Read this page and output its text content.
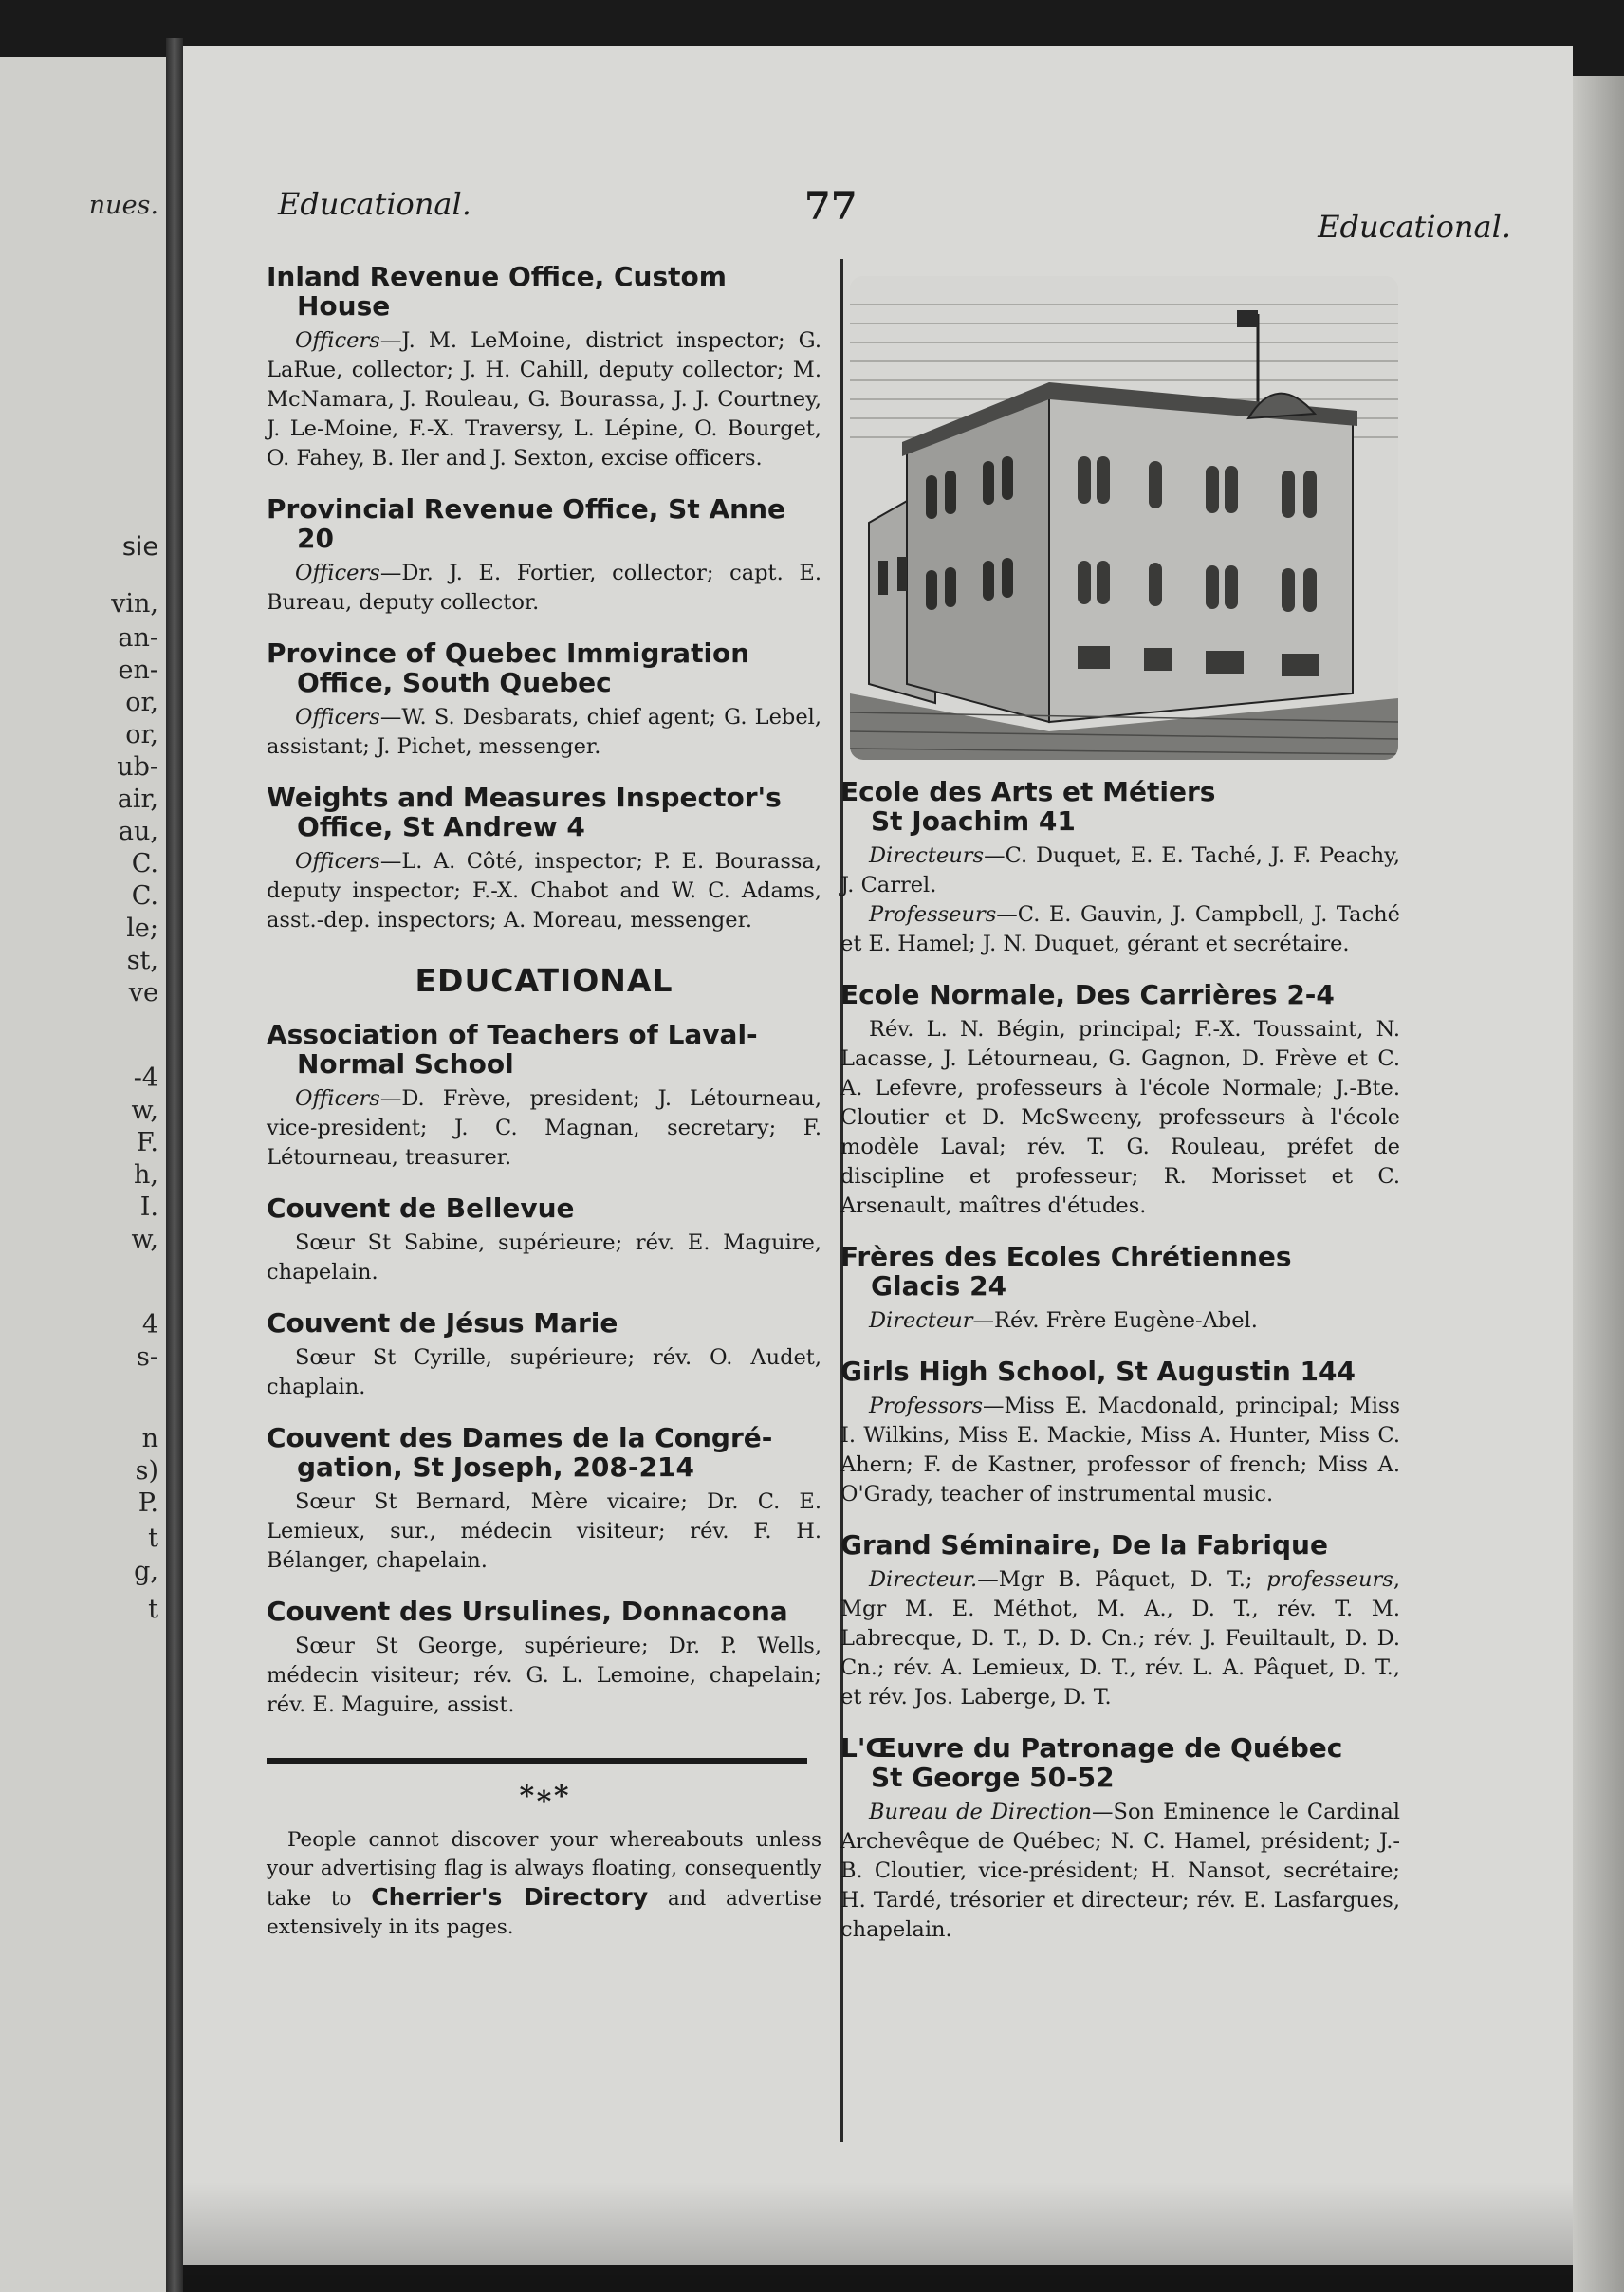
nues.
sie
vin,
an-
en-
or,
or,
ub-
air,
au,
C.
C.
le;
st,
ve
-4
w,
F.
h,
I.
w,
4
s-
n
s)
P.
t
g,
t
Educational.	77	Educational.
Inland Revenue Office, Custom
House
Officers—J. M. LeMoine, district inspector; G. LaRue, collector; J. H. Cahill, deputy collector; M. McNamara, J. Rouleau, G. Bourassa, J. J. Courtney, J. Le-Moine, F.-X. Traversy, L. Lépine, O. Bourget, O. Fahey, B. Iler and J. Sexton, excise officers.
Provincial Revenue Office, St Anne
20
Officers—Dr. J. E. Fortier, collector; capt. E. Bureau, deputy collector.
Province of Quebec Immigration
Office, South Quebec
Officers—W. S. Desbarats, chief agent; G. Lebel, assistant; J. Pichet, messenger.
Weights and Measures Inspector's
Office, St Andrew 4
Officers—L. A. Côté, inspector; P. E. Bourassa, deputy inspector; F.-X. Chabot and W. C. Adams, asst.-dep. inspectors; A. Moreau, messenger.
EDUCATIONAL
Association of Teachers of Laval-
Normal School
Officers—D. Frève, president; J. Létourneau, vice-president; J. C. Magnan, secretary; F. Létourneau, treasurer.
Couvent de Bellevue
Sœur St Sabine, supérieure; rév. E. Maguire, chapelain.
Couvent de Jésus Marie
Sœur St Cyrille, supérieure; rév. O. Audet, chaplain.
Couvent des Dames de la Congré-
gation, St Joseph, 208-214
Sœur St Bernard, Mère vicaire; Dr. C. E. Lemieux, sur., médecin visiteur; rév. F. H. Bélanger, chapelain.
Couvent des Ursulines, Donnacona
Sœur St George, supérieure; Dr. P. Wells, médecin visiteur; rév. G. L. Lemoine, chapelain; rév. E. Maguire, assist.
*∗*
People cannot discover your whereabouts unless your advertising flag is always floating, consequently take to Cherrier's Directory and advertise extensively in its pages.
Ecole des Arts et Métiers
St Joachim 41
Directeurs—C. Duquet, E. E. Taché, J. F. Peachy, J. Carrel.
Professeurs—C. E. Gauvin, J. Campbell, J. Taché et E. Hamel; J. N. Duquet, gérant et secrétaire.
Ecole Normale, Des Carrières 2-4
Rév. L. N. Bégin, principal; F.-X. Toussaint, N. Lacasse, J. Létourneau, G. Gagnon, D. Frève et C. A. Lefevre, professeurs à l'école Normale; J.-Bte. Cloutier et D. McSweeny, professeurs à l'école modèle Laval; rév. T. G. Rouleau, préfet de discipline et professeur; R. Morisset et C. Arsenault, maîtres d'études.
Frères des Ecoles Chrétiennes
Glacis 24
Directeur—Rév. Frère Eugène-Abel.
Girls High School, St Augustin 144
Professors—Miss E. Macdonald, principal; Miss I. Wilkins, Miss E. Mackie, Miss A. Hunter, Miss C. Ahern; F. de Kastner, professor of french; Miss A. O'Grady, teacher of instrumental music.
Grand Séminaire, De la Fabrique
Directeur.—Mgr B. Pâquet, D. T.; professeurs, Mgr M. E. Méthot, M. A., D. T., rév. T. M. Labrecque, D. T., D. D. Cn.; rév. J. Feuiltault, D. D. Cn.; rév. A. Lemieux, D. T., rév. L. A. Pâquet, D. T., et rév. Jos. Laberge, D. T.
L'Œuvre du Patronage de Québec
St George 50-52
Bureau de Direction—Son Eminence le Cardinal Archevêque de Québec; N. C. Hamel, président; J.-B. Cloutier, vice-président; H. Nansot, secrétaire; H. Tardé, trésorier et directeur; rév. E. Lasfargues, chapelain.
